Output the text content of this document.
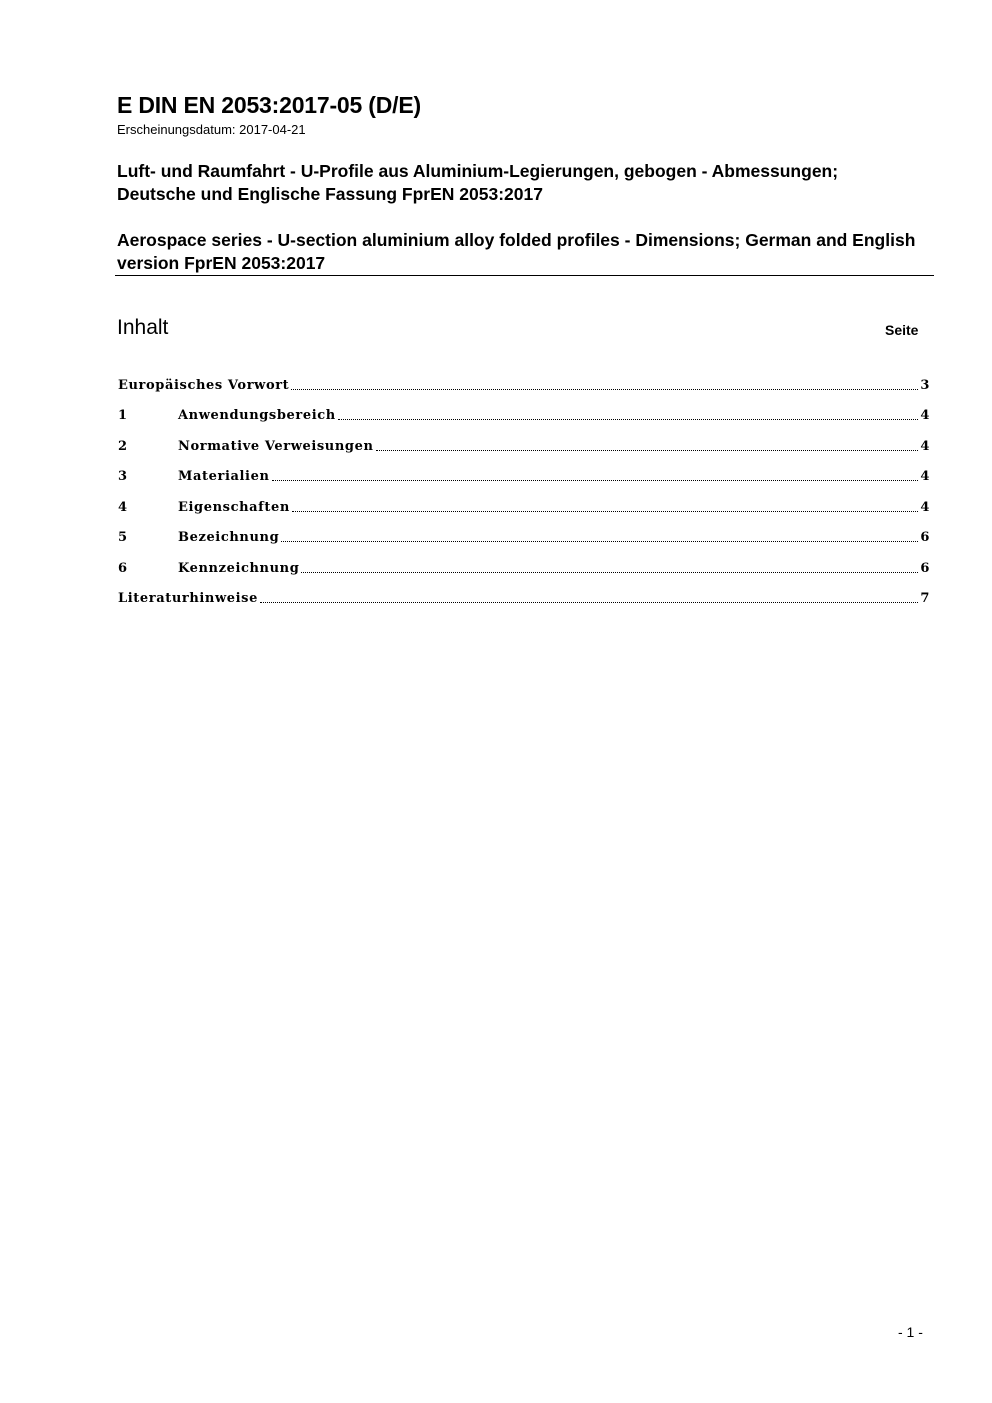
E DIN EN 2053:2017-05 (D/E)
Erscheinungsdatum: 2017-04-21
Luft- und Raumfahrt - U-Profile aus Aluminium-Legierungen, gebogen - Abmessungen; Deutsche und Englische Fassung FprEN 2053:2017
Aerospace series - U-section aluminium alloy folded profiles - Dimensions; German and English version FprEN 2053:2017
Inhalt	Seite
Europäisches Vorwort	3
1	Anwendungsbereich	4
2	Normative Verweisungen	4
3	Materialien	4
4	Eigenschaften	4
5	Bezeichnung	6
6	Kennzeichnung	6
Literaturhinweise	7
- 1 -
